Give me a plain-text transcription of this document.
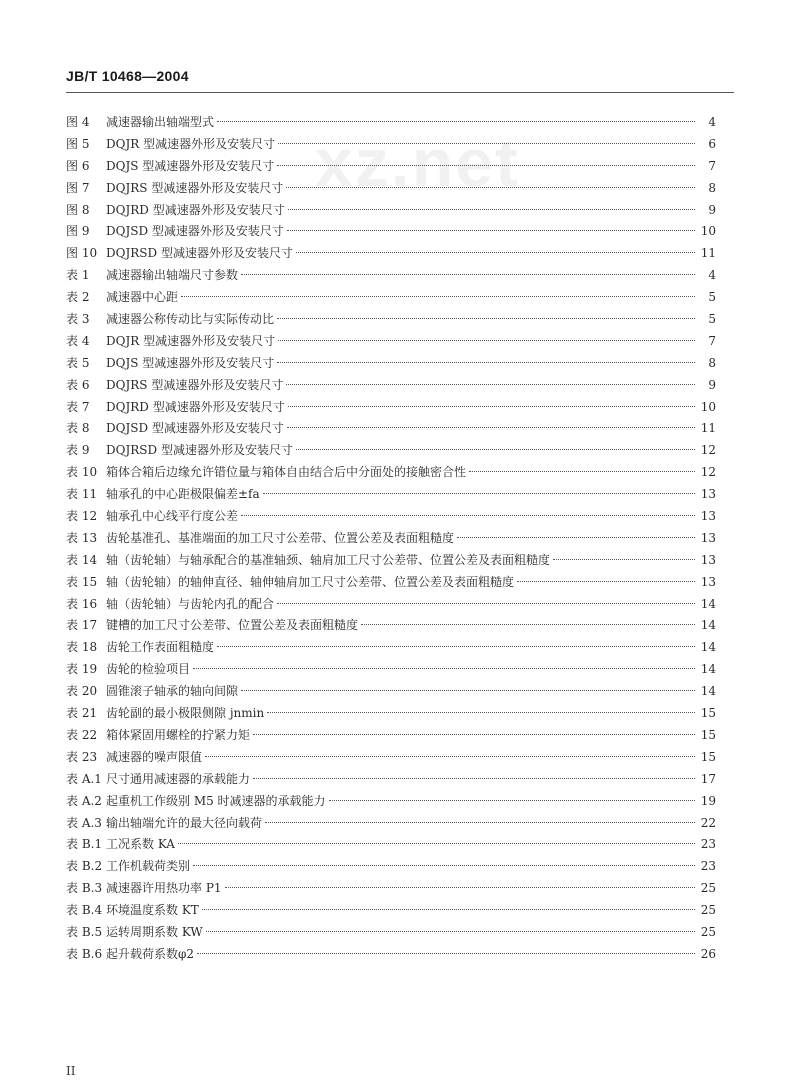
JB/T 10468—2004
xz.net
图 4	减速器输出轴端型式	4
图 5	DQJR 型减速器外形及安装尺寸	6
图 6	DQJS 型减速器外形及安装尺寸	7
图 7	DQJRS 型减速器外形及安装尺寸	8
图 8	DQJRD 型减速器外形及安装尺寸	9
图 9	DQJSD 型减速器外形及安装尺寸	10
图 10 DQJRSD 型减速器外形及安装尺寸	11
表 1	减速器输出轴端尺寸参数	4
表 2	减速器中心距	5
表 3	减速器公称传动比与实际传动比	5
表 4	DQJR 型减速器外形及安装尺寸	7
表 5	DQJS 型减速器外形及安装尺寸	8
表 6	DQJRS 型减速器外形及安装尺寸	9
表 7	DQJRD 型减速器外形及安装尺寸	10
表 8	DQJSD 型减速器外形及安装尺寸	11
表 9	DQJRSD 型减速器外形及安装尺寸	12
表 10 箱体合箱后边缘允许错位量与箱体自由结合后中分面处的接触密合性	12
表 11 轴承孔的中心距极限偏差±fa	13
表 12 轴承孔中心线平行度公差	13
表 13 齿轮基准孔、基准端面的加工尺寸公差带、位置公差及表面粗糙度	13
表 14 轴（齿轮轴）与轴承配合的基准轴颈、轴肩加工尺寸公差带、位置公差及表面粗糙度	13
表 15 轴（齿轮轴）的轴伸直径、轴伸轴肩加工尺寸公差带、位置公差及表面粗糙度	13
表 16 轴（齿轮轴）与齿轮内孔的配合	14
表 17 键槽的加工尺寸公差带、位置公差及表面粗糙度	14
表 18 齿轮工作表面粗糙度	14
表 19 齿轮的检验项目	14
表 20 圆锥滚子轴承的轴向间隙	14
表 21 齿轮副的最小极限侧隙 jnmin	15
表 22 箱体紧固用螺栓的拧紧力矩	15
表 23 减速器的噪声限值	15
表 A.1 尺寸通用减速器的承载能力	17
表 A.2 起重机工作级别 M5 时减速器的承载能力	19
表 A.3 输出轴端允许的最大径向载荷	22
表 B.1 工况系数 KA	23
表 B.2 工作机载荷类别	23
表 B.3 减速器许用热功率 P1	25
表 B.4 环境温度系数 KT	25
表 B.5 运转周期系数 KW	25
表 B.6 起升载荷系数φ2	26
II
